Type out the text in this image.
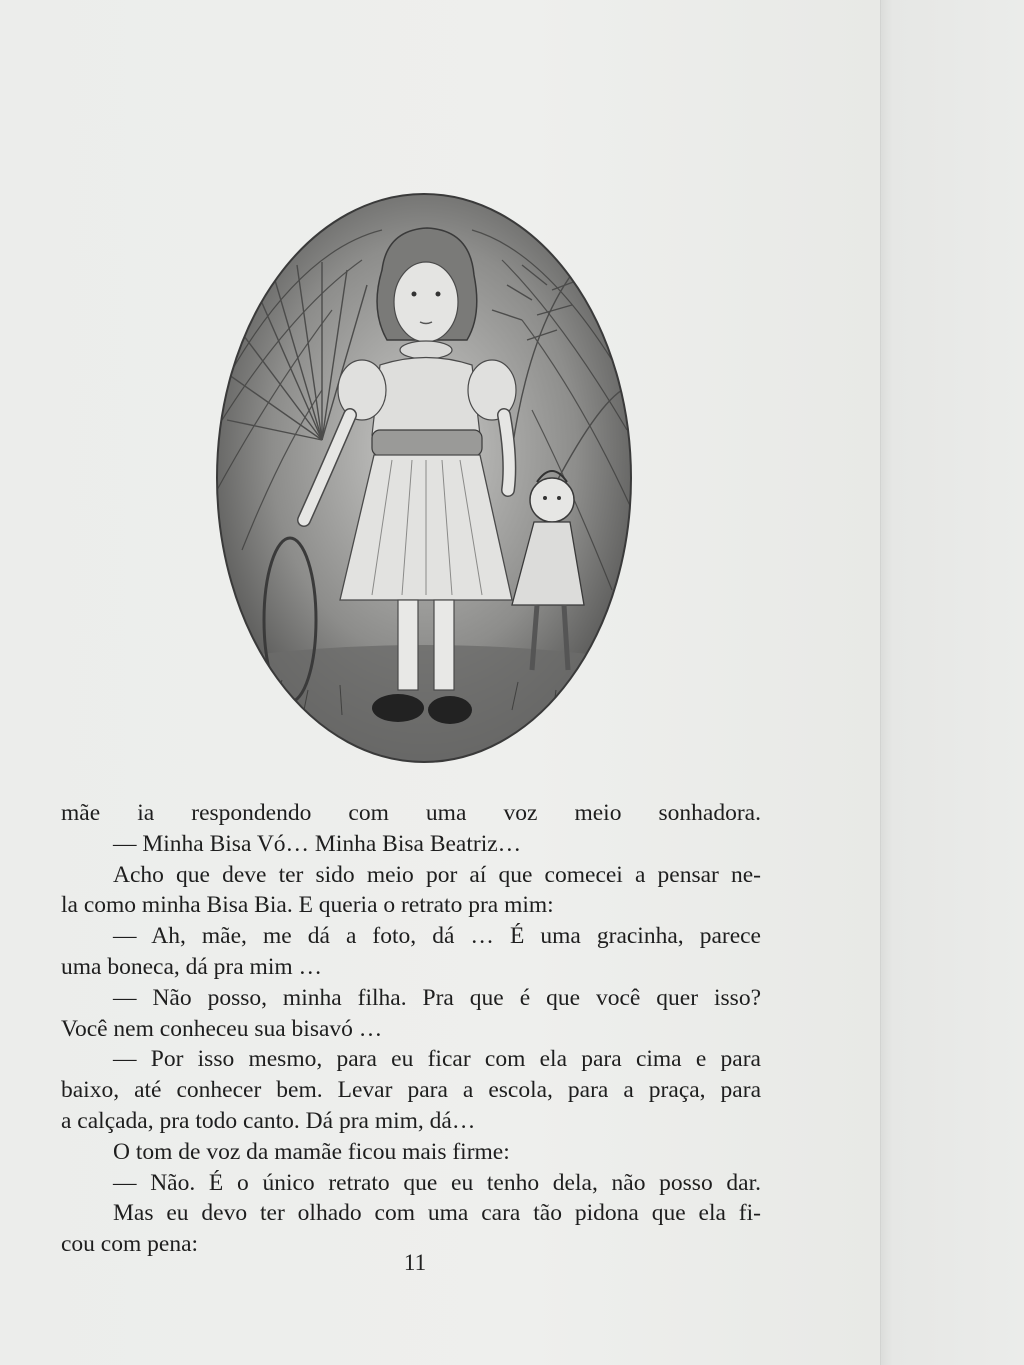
mãe ia respondendo com uma voz meio sonhadora.
— Minha Bisa Vó… Minha Bisa Beatriz…
Acho que deve ter sido meio por aí que comecei a pensar ne-
la como minha Bisa Bia. E queria o retrato pra mim:
— Ah, mãe, me dá a foto, dá … É uma gracinha, parece
uma boneca, dá pra mim …
— Não posso, minha filha. Pra que é que você quer isso?
Você nem conheceu sua bisavó …
— Por isso mesmo, para eu ficar com ela para cima e para
baixo, até conhecer bem. Levar para a escola, para a praça, para
a calçada, pra todo canto. Dá pra mim, dá…
O tom de voz da mamãe ficou mais firme:
— Não. É o único retrato que eu tenho dela, não posso dar.
Mas eu devo ter olhado com uma cara tão pidona que ela fi-
cou com pena:
11
